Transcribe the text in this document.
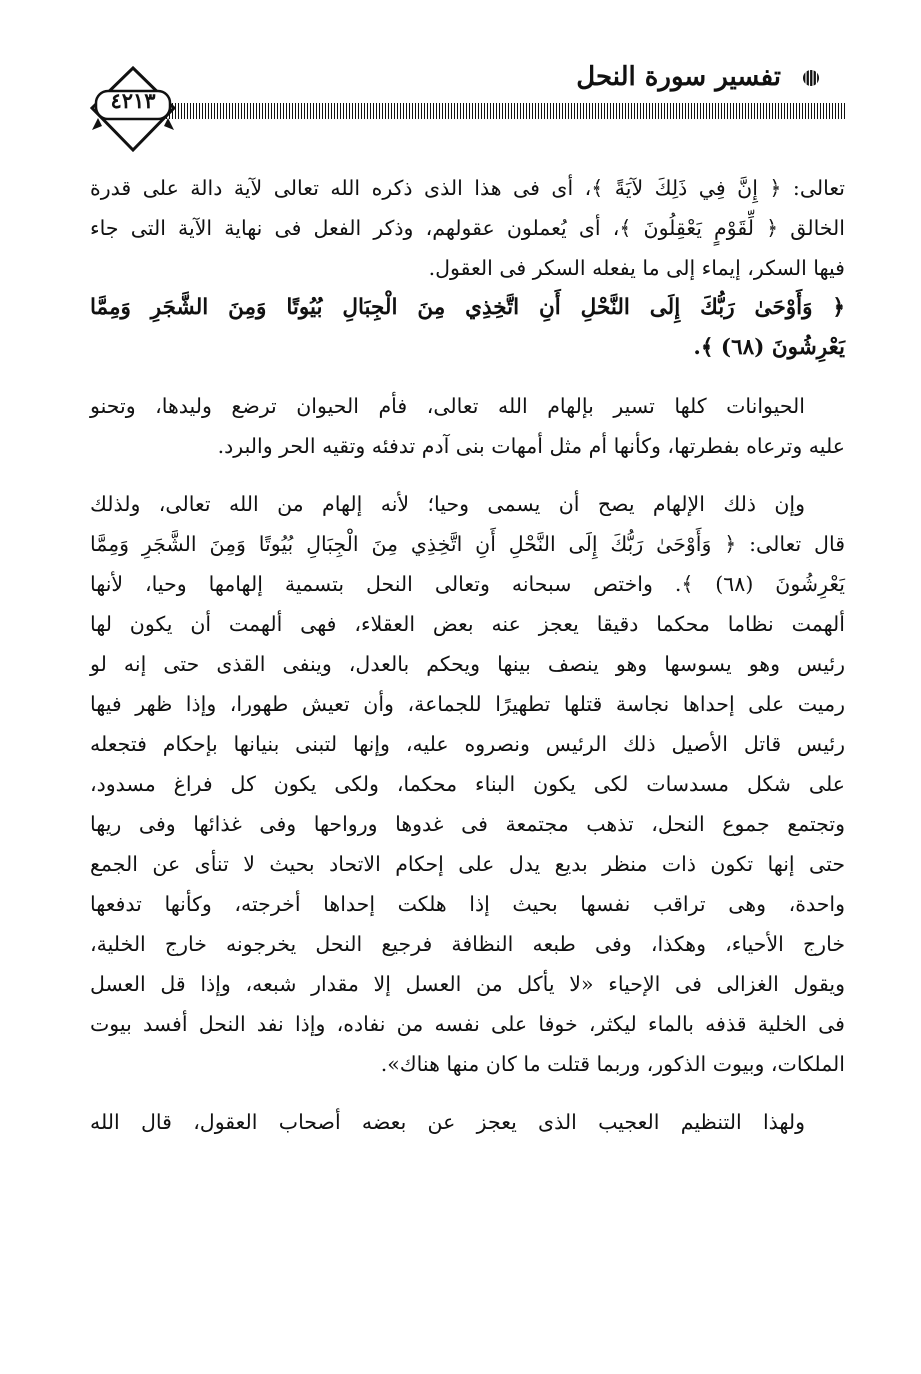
تفسير سورة النحل
٤٢١٣
تعالى: ﴿ إِنَّ فِي ذَلِكَ لآيَةً ﴾، أى فى هذا الذى ذكره الله تعالى لآية دالة على قدرة
الخالق ﴿ لِّقَوْمٍ يَعْقِلُونَ ﴾، أى يُعملون عقولهم، وذكر الفعل فى نهاية الآية التى جاء
فيها السكر، إيماء إلى ما يفعله السكر فى العقول.
﴿ وَأَوْحَىٰ رَبُّكَ إِلَى النَّحْلِ أَنِ اتَّخِذِي مِنَ الْجِبَالِ بُيُوتًا وَمِنَ الشَّجَرِ وَمِمَّا
يَعْرِشُونَ (٦٨) ﴾.
الحيوانات كلها تسير بإلهام الله تعالى، فأم الحيوان ترضع وليدها، وتحنو
عليه وترعاه بفطرتها، وكأنها أم مثل أمهات بنى آدم تدفئه وتقيه الحر والبرد.
وإن ذلك الإلهام يصح أن يسمى وحيا؛ لأنه إلهام من الله تعالى، ولذلك
قال تعالى: ﴿ وَأَوْحَىٰ رَبُّكَ إِلَى النَّحْلِ أَنِ اتَّخِذِي مِنَ الْجِبَالِ بُيُوتًا وَمِنَ الشَّجَرِ وَمِمَّا
يَعْرِشُونَ (٦٨) ﴾. واختص سبحانه وتعالى النحل بتسمية إلهامها وحيا، لأنها
ألهمت نظاما محكما دقيقا يعجز عنه بعض العقلاء، فهى ألهمت أن يكون لها
رئيس وهو يسوسها وهو ينصف بينها ويحكم بالعدل، وينفى القذى حتى إنه لو
رميت على إحداها نجاسة قتلها تطهيرًا للجماعة، وأن تعيش طهورا، وإذا ظهر فيها
رئيس قاتل الأصيل ذلك الرئيس ونصروه عليه، وإنها لتبنى بنيانها بإحكام فتجعله
على شكل مسدسات لكى يكون البناء محكما، ولكى يكون كل فراغ مسدود،
وتجتمع جموع النحل، تذهب مجتمعة فى غدوها ورواحها وفى غذائها وفى ريها
حتى إنها تكون ذات منظر بديع يدل على إحكام الاتحاد بحيث لا تنأى عن الجمع
واحدة، وهى تراقب نفسها بحيث إذا هلكت إحداها أخرجته، وكأنها تدفعها
خارج الأحياء، وهكذا، وفى طبعه النظافة فرجيع النحل يخرجونه خارج الخلية،
ويقول الغزالى فى الإحياء «لا يأكل من العسل إلا مقدار شبعه، وإذا قل العسل
فى الخلية قذفه بالماء ليكثر، خوفا على نفسه من نفاده، وإذا نفد النحل أفسد بيوت
الملكات، وبيوت الذكور، وربما قتلت ما كان منها هناك».
ولهذا التنظيم العجيب الذى يعجز عن بعضه أصحاب العقول، قال الله
